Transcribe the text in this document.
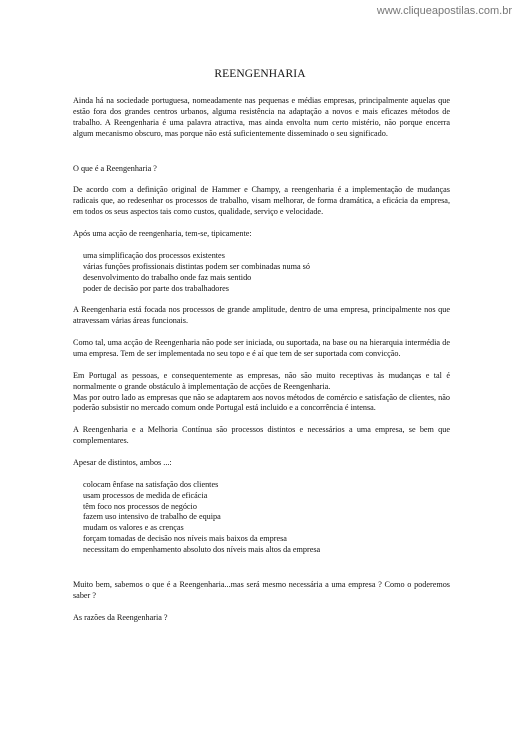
www.cliqueapostilas.com.br
REENGENHARIA

Ainda há na sociedade portuguesa, nomeadamente nas pequenas e médias empresas, principalmente aquelas que estão fora dos grandes centros urbanos, alguma resistência na adaptação a novos e mais eficazes métodos de trabalho. A Reengenharia é uma palavra atractiva, mas ainda envolta num certo mistério, não porque encerra algum mecanismo obscuro, mas porque não está suficientemente disseminado o seu significado.

O que é a Reengenharia ?

De acordo com a definição original de Hammer e Champy, a reengenharia é a implementação de mudanças radicais que, ao redesenhar os processos de trabalho, visam melhorar, de forma dramática, a eficácia da empresa, em todos os seus aspectos tais como custos, qualidade, serviço e velocidade.

Após uma acção de reengenharia, tem-se, tipicamente:

uma simplificação dos processos existentes
várias funções profissionais distintas podem ser combinadas numa só
desenvolvimento do trabalho onde faz mais sentido
poder de decisão por parte dos trabalhadores

A Reengenharia está focada nos processos de grande amplitude, dentro de uma empresa, principalmente nos que atravessam várias áreas funcionais.

Como tal, uma acção de Reengenharia não pode ser iniciada, ou suportada, na base ou na hierarquia intermédia de uma empresa. Tem de ser implementada no seu topo e é aí que tem de ser suportada com convicção.

Em Portugal as pessoas, e consequentemente as empresas, não são muito receptivas às mudanças e tal é normalmente o grande obstáculo à implementação de acções de Reengenharia.

Mas por outro lado as empresas que não se adaptarem aos novos métodos de comércio e satisfação de clientes, não poderão subsistir no mercado comum onde Portugal está incluido e a concorrência é intensa.

A Reengenharia e a Melhoria Contínua são processos distintos e necessários a uma empresa, se bem que complementares.

Apesar de distintos, ambos ...:

colocam ênfase na satisfação dos clientes
usam processos de medida de eficácia
têm foco nos processos de negócio
fazem uso intensivo de trabalho de equipa
mudam os valores e as crenças
forçam tomadas de decisão nos níveis mais baixos da empresa
necessitam do empenhamento absoluto dos níveis mais altos da empresa

Muito bem, sabemos o que é a Reengenharia...mas será mesmo necessária a uma empresa ? Como o poderemos saber ?

As razões da Reengenharia ?
